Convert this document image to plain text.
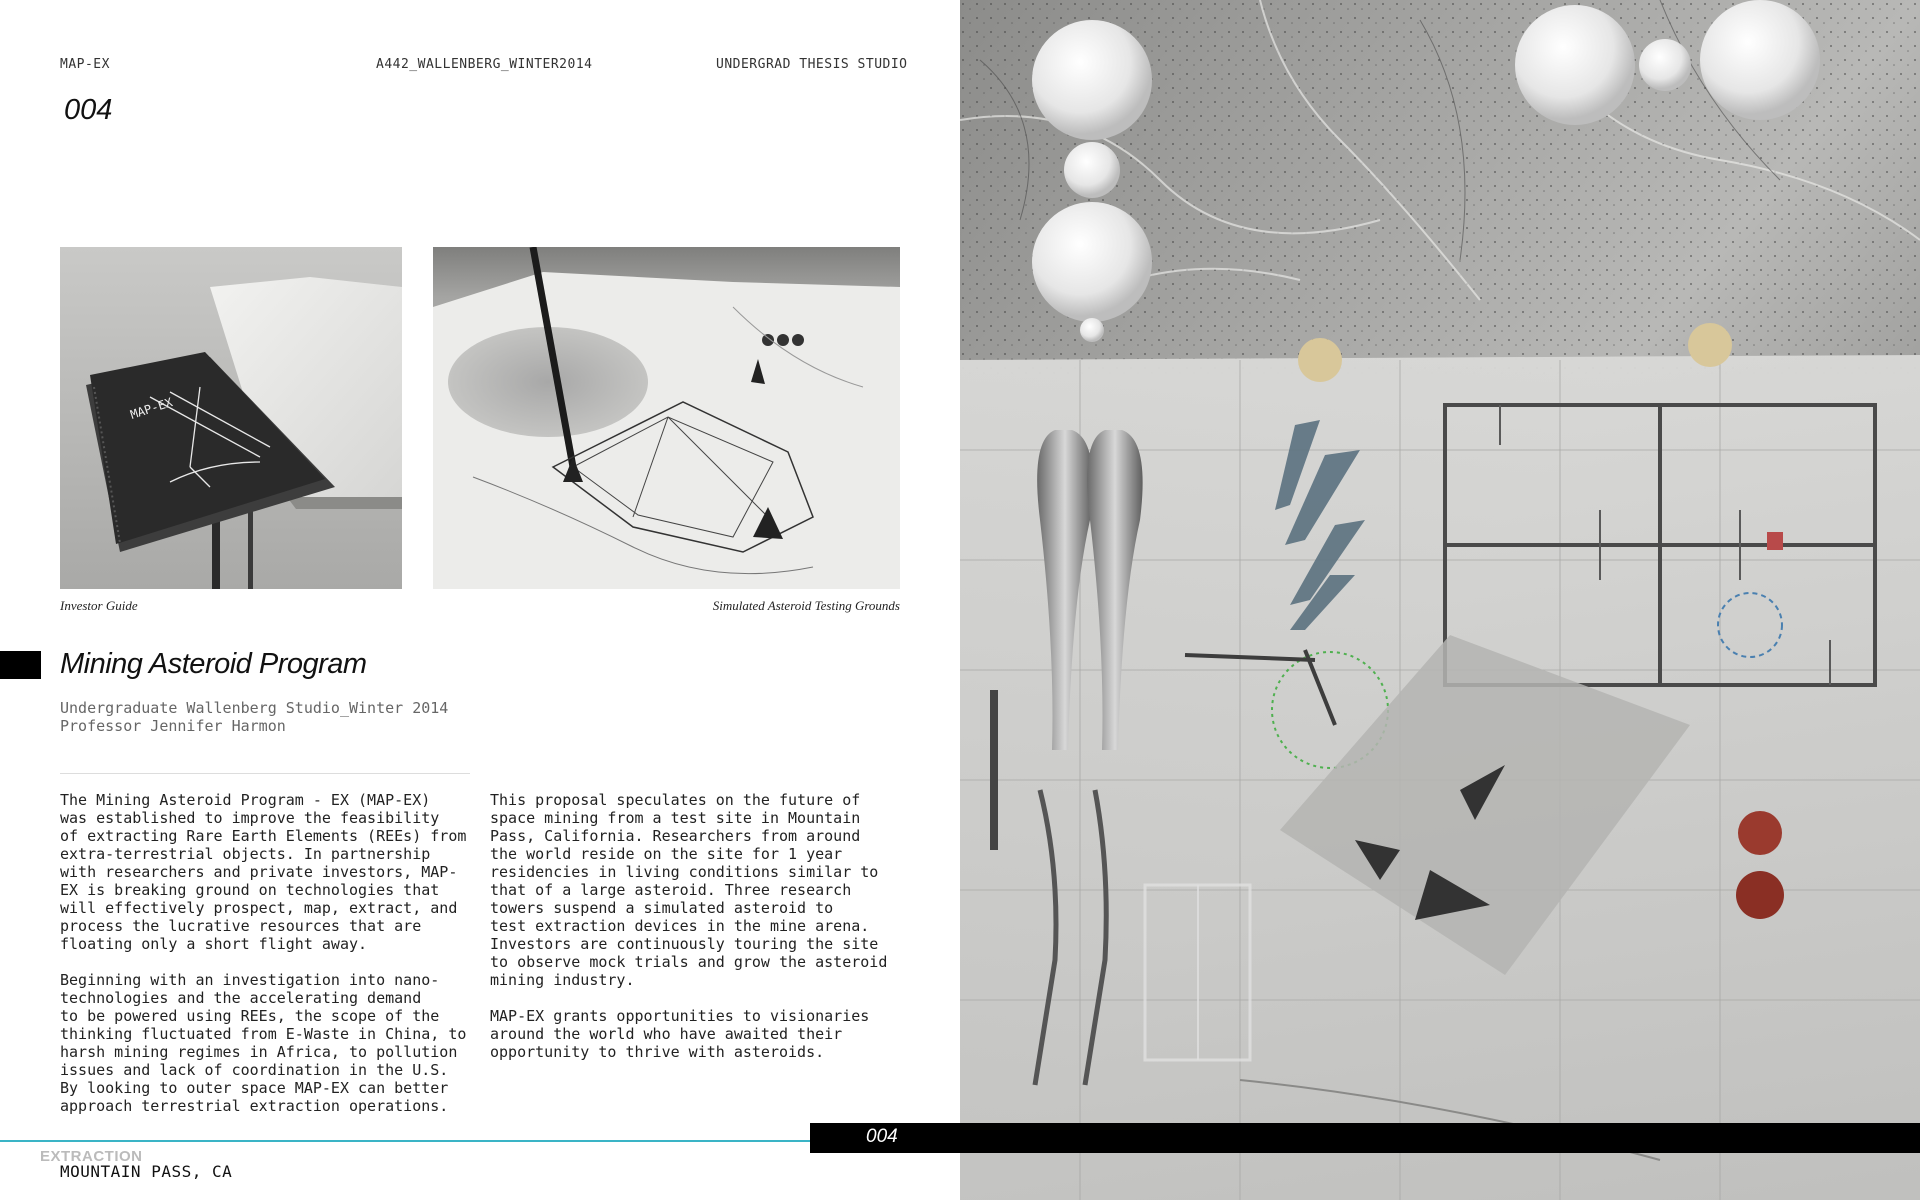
MAP-EX	A442_WALLENBERG_WINTER2014	UNDERGRAD THESIS STUDIO
004
MAP-EX
Investor Guide	Simulated Asteroid Testing Grounds
Mining Asteroid Program
Undergraduate Wallenberg Studio_Winter 2014
Professor Jennifer Harmon
The Mining Asteroid Program - EX (MAP-EX)
was established to improve the feasibility
of extracting Rare Earth Elements (REEs) from
extra-terrestrial objects. In partnership
with researchers and private investors, MAP-
EX is breaking ground on technologies that
will effectively prospect, map, extract, and
process the lucrative resources that are
floating only a short flight away.
Beginning with an investigation into nano-
technologies and the accelerating demand
to be powered using REEs, the scope of the
thinking fluctuated from E-Waste in China, to
harsh mining regimes in Africa, to pollution
issues and lack of coordination in the U.S.
By looking to outer space MAP-EX can better
approach terrestrial extraction operations.
This proposal speculates on the future of
space mining from a test site in Mountain
Pass, California. Researchers from around
the world reside on the site for 1 year
residencies in living conditions similar to
that of a large asteroid. Three research
towers suspend a simulated asteroid to
test extraction devices in the mine arena.
Investors are continuously touring the site
to observe mock trials and grow the asteroid
mining industry.
MAP-EX grants opportunities to visionaries
around the world who have awaited their
opportunity to thrive with asteroids.
004
EXTRACTION
MOUNTAIN PASS, CA
